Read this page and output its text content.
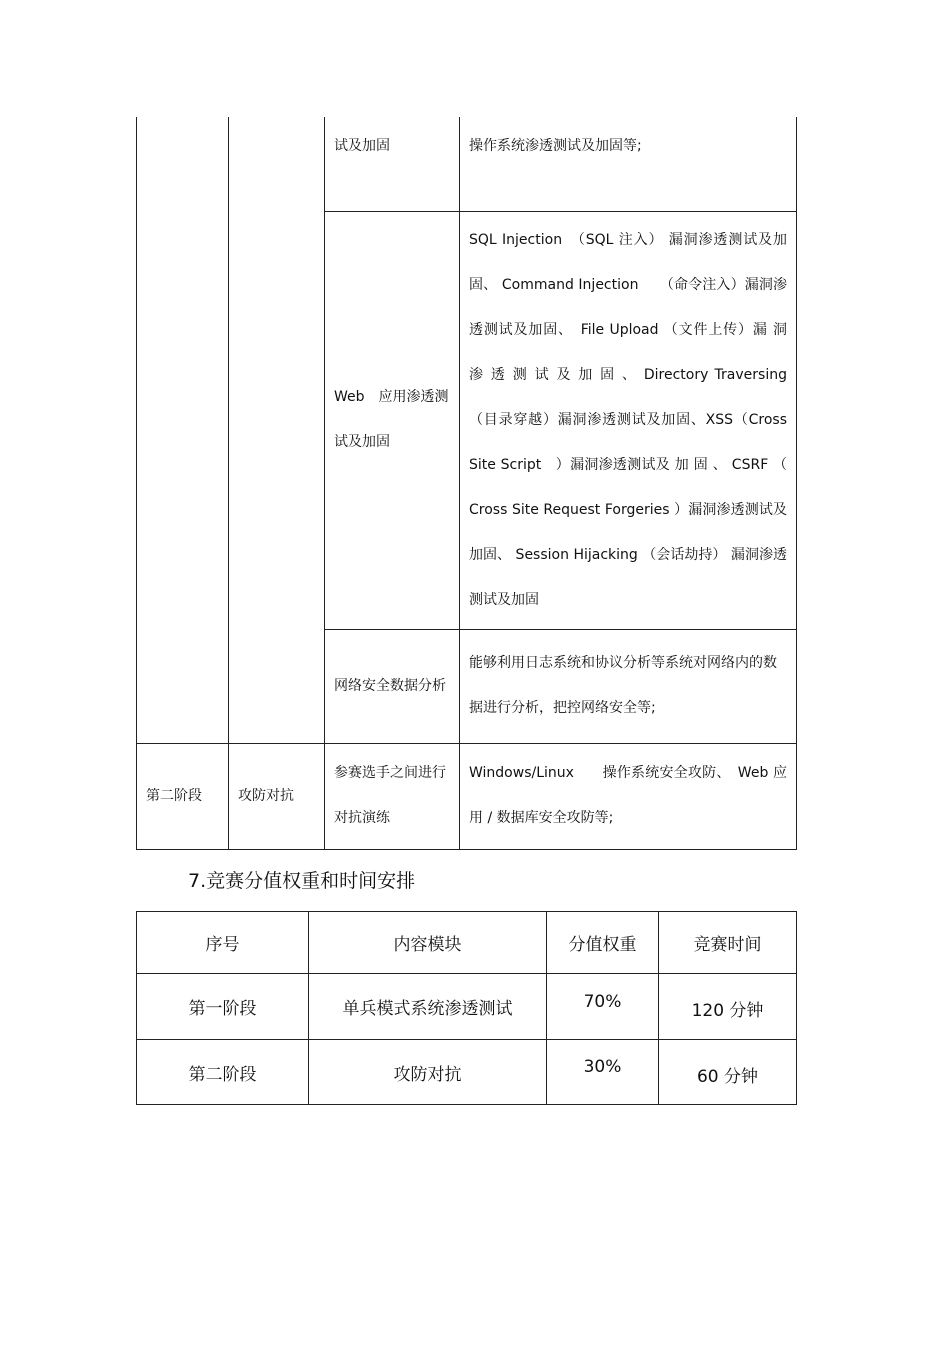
		试及加固	操作系统渗透测试及加固等;
		Web　应用渗透测试及加固	SQL Injection　（SQL 注入） 漏洞渗透测试及加固、 Command Injection　　（命令注入）漏洞渗透测试及加固、　File Upload （文件上传）漏 洞 渗 透 测 试 及 加 固 、 Directory Traversing　（目录穿越）漏洞渗透测试及加固、XSS（Cross Site Script　）漏洞渗透测试及 加 固 、 CSRF （ Cross Site Request Forgeries ）漏洞渗透测试及加固、 Session Hijacking （会话劫持） 漏洞渗透测试及加固
		网络安全数据分析	能够利用日志系统和协议分析等系统对网络内的数据进行分析，把控网络安全等;
第二阶段	攻防对抗	参赛选手之间进行对抗演练	Windows/Linux　　操作系统安全攻防、　Web 应用 / 数据库安全攻防等;
7.竞赛分值权重和时间安排
序号	内容模块	分值权重	竞赛时间
第一阶段	单兵模式系统渗透测试	70%	120 分钟
第二阶段	攻防对抗	30%	60 分钟
